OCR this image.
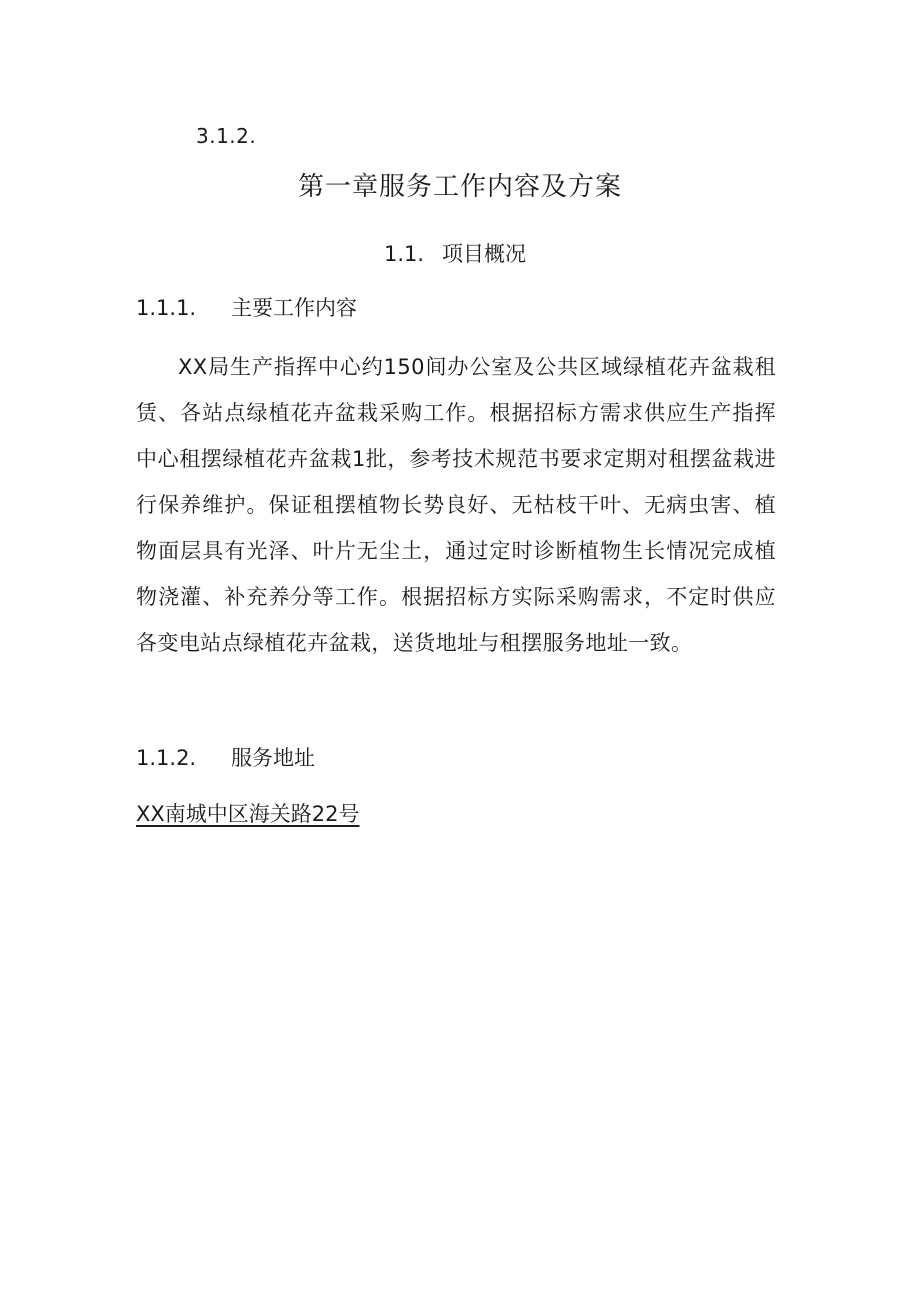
3.1.2.
第一章服务工作内容及方案
1.1. 项目概况
1.1.1. 主要工作内容

XX局生产指挥中心约150间办公室及公共区域绿植花卉盆栽租赁、各站点绿植花卉盆栽采购工作。根据招标方需求供应生产指挥中心租摆绿植花卉盆栽1批，参考技术规范书要求定期对租摆盆栽进行保养维护。保证租摆植物长势良好、无枯枝干叶、无病虫害、植物面层具有光泽、叶片无尘土，通过定时诊断植物生长情况完成植物浇灌、补充养分等工作。根据招标方实际采购需求，不定时供应各变电站点绿植花卉盆栽，送货地址与租摆服务地址一致。

1.1.2. 服务地址
XX南城中区海关路22号
